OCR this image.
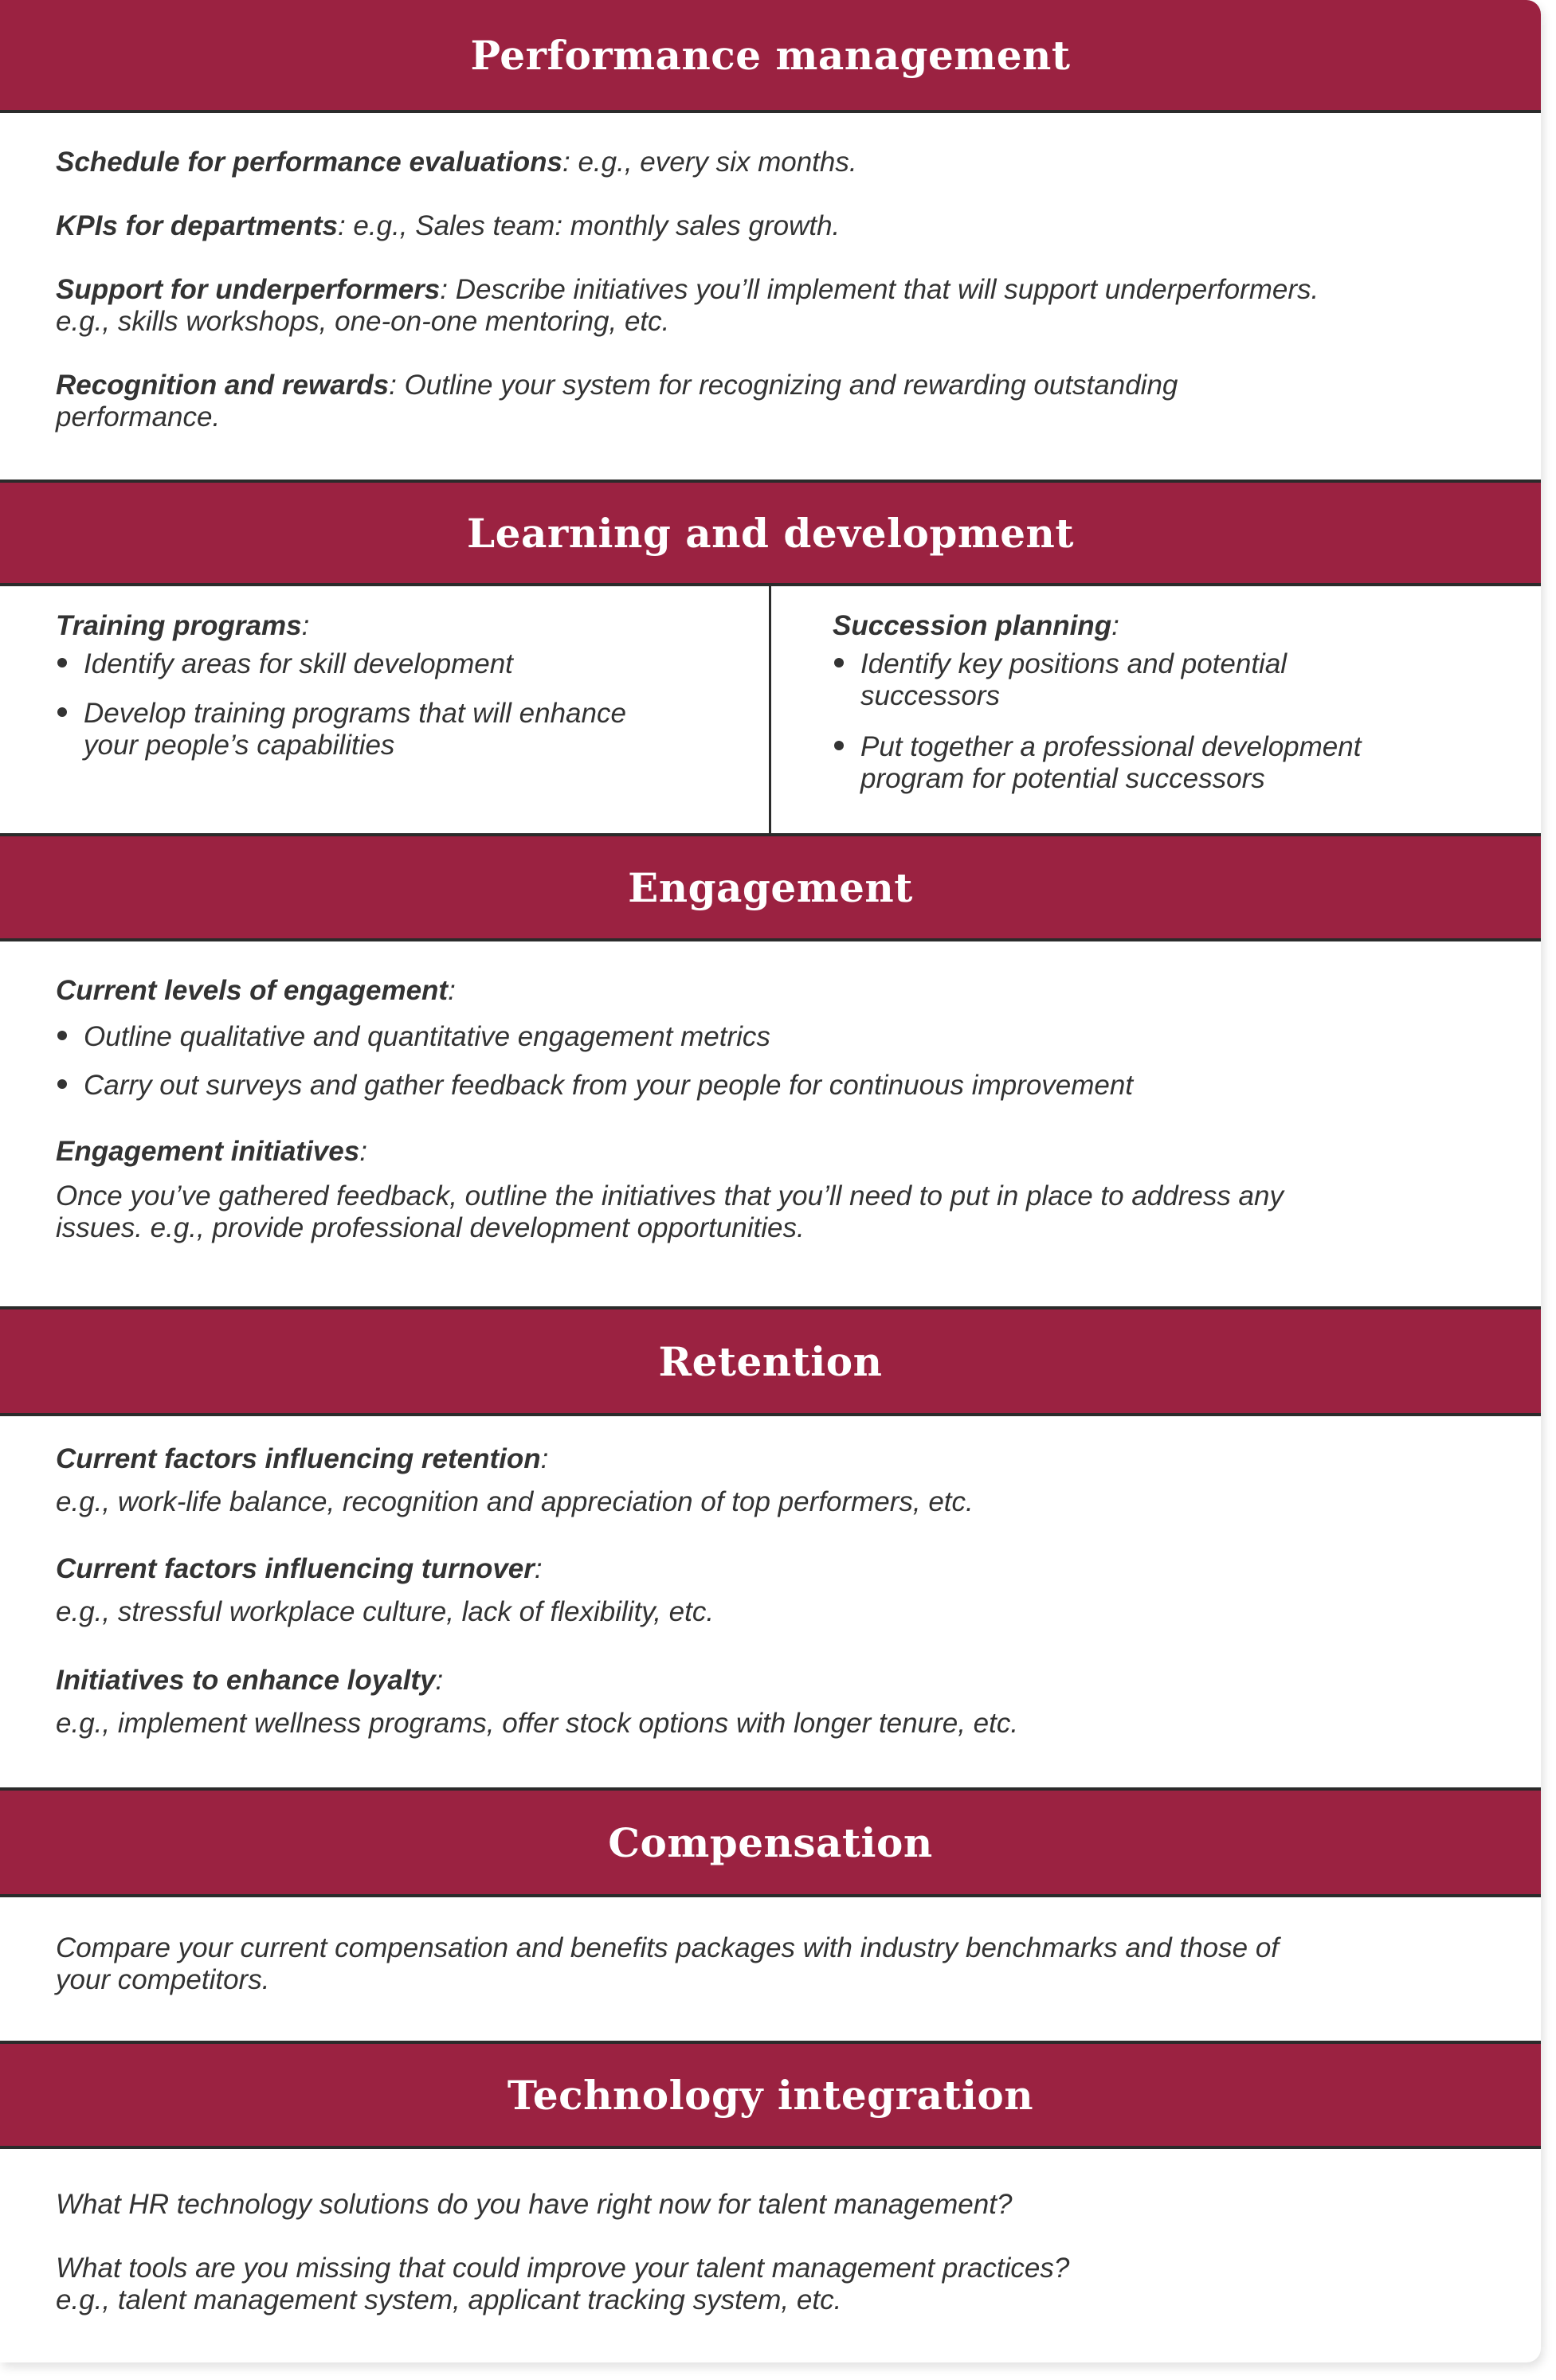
Performance management

Schedule for performance evaluations: e.g., every six months.

KPIs for departments: e.g., Sales team: monthly sales growth.

Support for underperformers: Describe initiatives you’ll implement that will support underperformers.

e.g., skills workshops, one-on-one mentoring, etc.

Recognition and rewards: Outline your system for recognizing and rewarding outstanding

performance.

Learning and development

Training programs:

Identify areas for skill development

Develop training programs that will enhance

your people’s capabilities

Succession planning:

Identify key positions and potential

successors

Put together a professional development

program for potential successors

Engagement

Current levels of engagement:

Outline qualitative and quantitative engagement metrics

Carry out surveys and gather feedback from your people for continuous improvement

Engagement initiatives:

Once you’ve gathered feedback, outline the initiatives that you’ll need to put in place to address any

issues. e.g., provide professional development opportunities.

Retention

Current factors influencing retention:

e.g., work-life balance, recognition and appreciation of top performers, etc.

Current factors influencing turnover:

e.g., stressful workplace culture, lack of flexibility, etc.

Initiatives to enhance loyalty:

e.g., implement wellness programs, offer stock options with longer tenure, etc.

Compensation

Compare your current compensation and benefits packages with industry benchmarks and those of

your competitors.

Technology integration

What HR technology solutions do you have right now for talent management?

What tools are you missing that could improve your talent management practices?

e.g., talent management system, applicant tracking system, etc.
